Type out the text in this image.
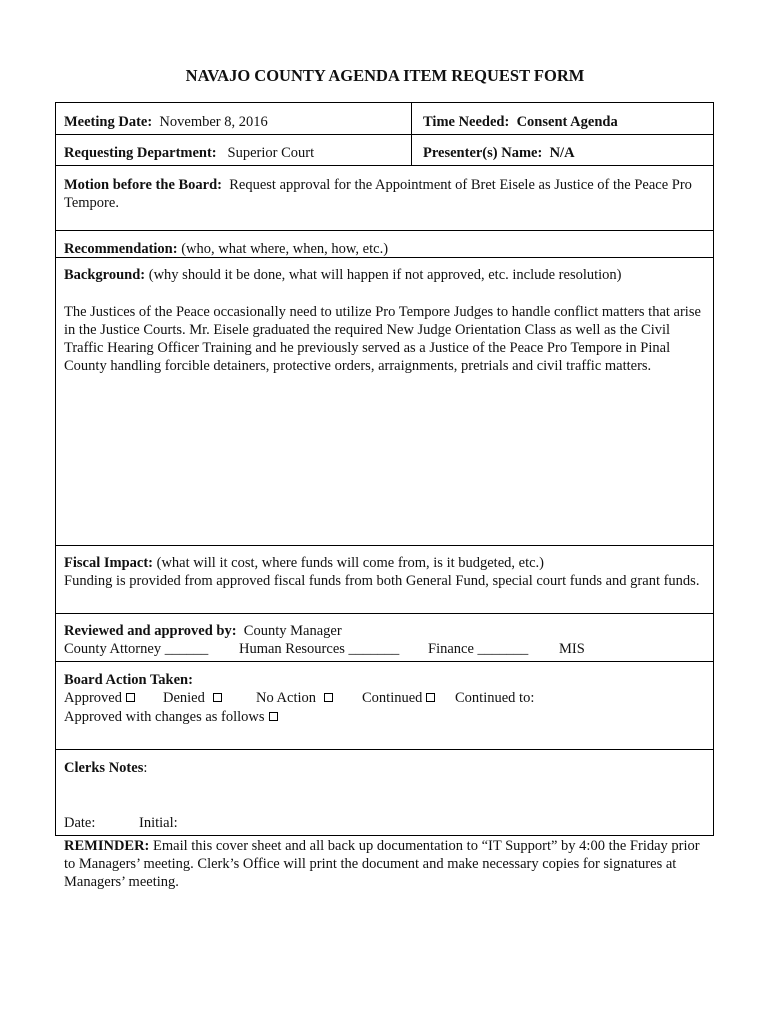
NAVAJO COUNTY AGENDA ITEM REQUEST FORM
Meeting Date: November 8, 2016	Time Needed: Consent Agenda
Requesting Department: Superior Court	Presenter(s) Name: N/A
Motion before the Board: Request approval for the Appointment of Bret Eisele as Justice of the Peace Pro Tempore.
Recommendation: (who, what where, when, how, etc.)
Background: (why should it be done, what will happen if not approved, etc. include resolution)
The Justices of the Peace occasionally need to utilize Pro Tempore Judges to handle conflict matters that arise in the Justice Courts. Mr. Eisele graduated the required New Judge Orientation Class as well as the Civil Traffic Hearing Officer Training and he previously served as a Justice of the Peace Pro Tempore in Pinal County handling forcible detainers, protective orders, arraignments, pretrials and civil traffic matters.
Fiscal Impact: (what will it cost, where funds will come from, is it budgeted, etc.)
Funding is provided from approved fiscal funds from both General Fund, special court funds and grant funds.
Reviewed and approved by: County Manager
County Attorney ______ Human Resources _______ Finance _______ MIS
Board Action Taken:
Approved	Denied	No Action	Continued	Continued to:
Approved with changes as follows
Clerks Notes:
Date:	Initial:
REMINDER: Email this cover sheet and all back up documentation to “IT Support” by 4:00 the Friday prior to Managers’ meeting. Clerk’s Office will print the document and make necessary copies for signatures at Managers’ meeting.
